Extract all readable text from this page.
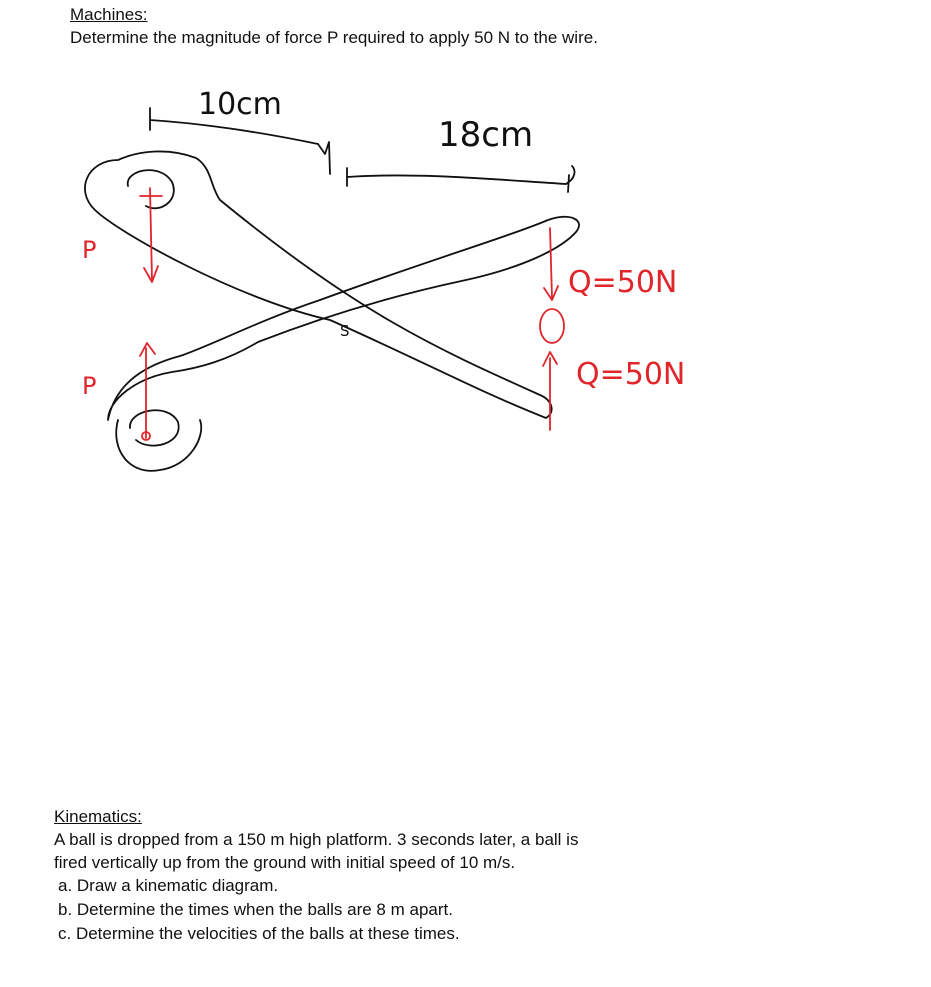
Machines:

Determine the magnitude of force P required to apply 50 N to the wire.

10cm
18cm
S
P
P
Q=50N
Q=50N
Kinematics:

A ball is dropped from a 150 m high platform. 3 seconds later, a ball is

fired vertically up from the ground with initial speed of 10 m/s.

a. Draw a kinematic diagram.
b. Determine the times when the balls are 8 m apart.
c. Determine the velocities of the balls at these times.
